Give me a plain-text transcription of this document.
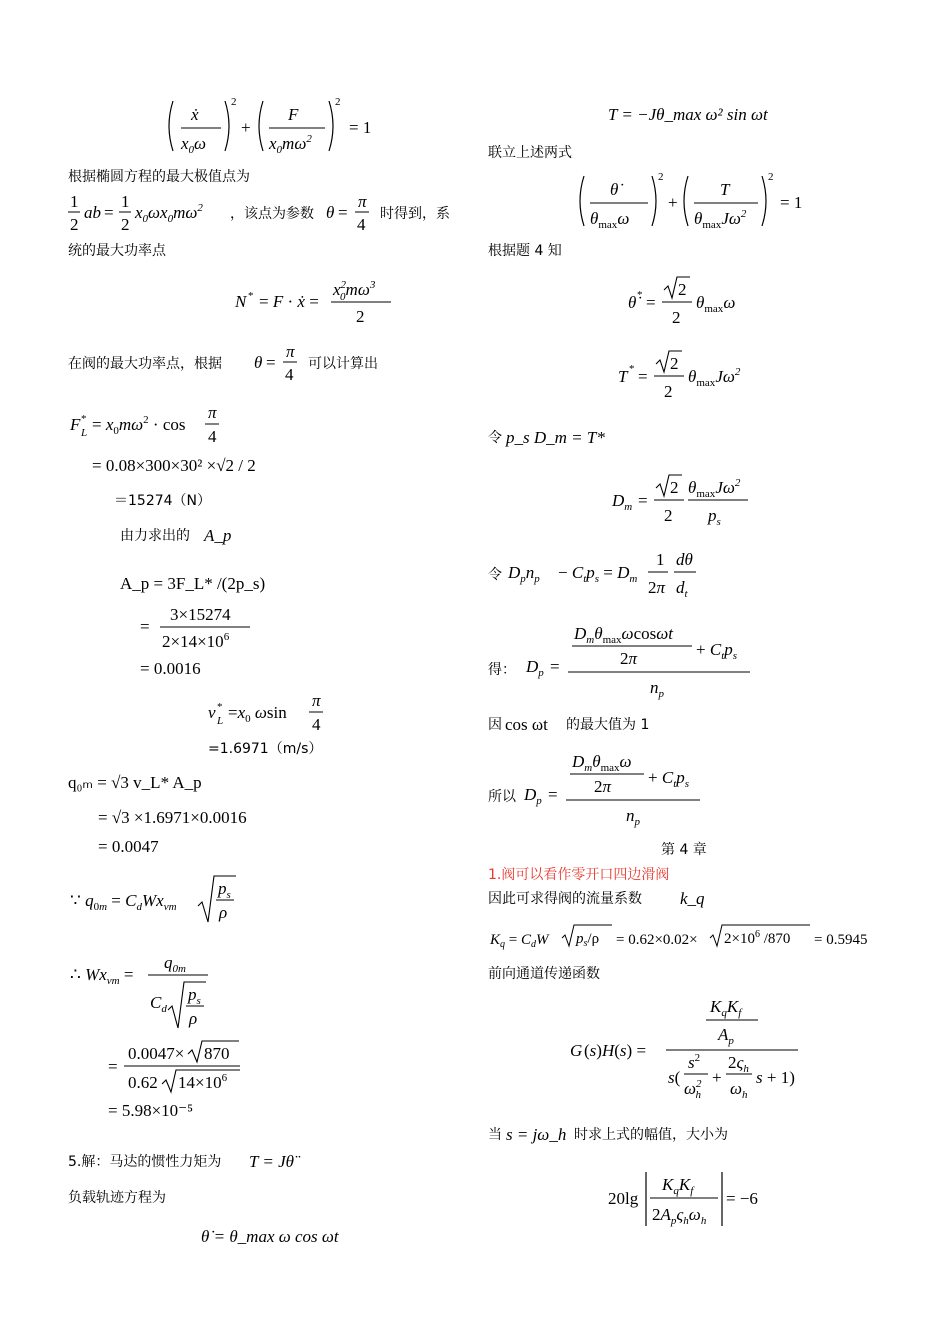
ẋ
$x_0\omega$
2
+
F
$x_0m\omega^2$
2
= 1
根据椭圆方程的最大极值点为
1
2
ab =
1
2
$x_0\omega x_0m\omega^2$ ，该点为参数 θ =
π
4
时得到，系
统的最大功率点
N * = F · ẋ =
$x^2$ $0m\omega^3$
2
在阀的最大功率点，根据 θ =
π
4
可以计算出
F *
$L = x_0m\omega^2 \cdot \cos$
π
4
= 0.08×300×30² ×√2 / 2
＝15274（N）
由力求出的 A_p
A_p = 3F_L* /(2p_s)
=
3×15274
$2\times 14\times 10^6$
= 0.0016
v *
$L =x_0$ ωsin
π
4
=1.6971（m/s）
q₀ₘ = √3 v_L* A_p
= √3 ×1.6971×0.0016
= 0.0047
∵ $q_{0m} = C_dWx_{vm}$
$p_s$
ρ
∴ $Wx_{vm}$ =
$q_{0m}$
$C_d$
$p_s$
ρ
=
0.0047× 870
0.62 $14\times 10^6$
= 5.98×10⁻⁵
5.解：马达的惯性力矩为 T = Jθ̈
负载轨迹方程为
θ̇ = θ_max ω cos ωt
T = −Jθ_max ω² sin ωt
联立上述两式
θ̇
$\theta_{max}\omega$
2
+
T
$\theta_{max}J\omega^2$
2
= 1
根据题 4 知
θ̇ * =
2
2
$\theta_{max}\omega$
T * =
2
2
$\theta_{max}J\omega^2$
令 p_s D_m = T*
$D_m$ =
2
2
$\theta_{max}J\omega^2$
$p_s$
令 $D_pn_p - C_tp_s = D_m$
1
2π
dθ
$d_t$
得： $D_p$ =
$D_m\theta_{max}\omega\cos\omega t$
2π	+ $C_tp_s$
$n_p$
因 cos ωt 的最大值为 1
所以 $D_p$ =
$D_m\theta_{max}\omega$
$2\pi + C_tp_s$
$n_p$
第 4 章
1.阀可以看作零开口四边滑阀
因此可求得阀的流量系数 k_q
$K_q = C_dW$ $p_s/\rho = 0.62\times 0.02\times 2\times 10^6$ /870 = 0.5945
前向通道传递函数
G (s)H(s) =
$K_qK_f$
$A_p$
s(
$s^2$
$\omega^2$ h
+
$2\varsigma_h$
$\omega_h$
s + 1)
当 s = jω_h 时求上式的幅值，大小为
20lg
$K_qK_f$
$2A_p\varsigma_h\omega_h$
= −6
